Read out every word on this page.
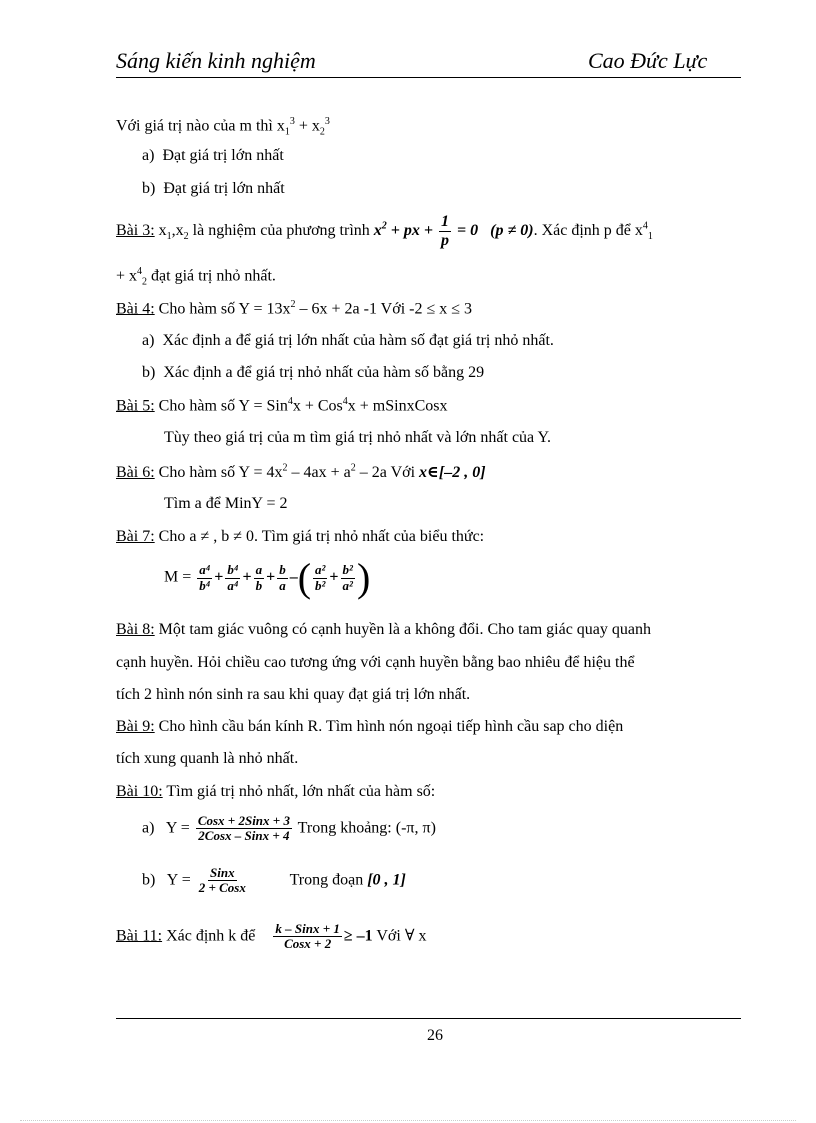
Sáng kiến kinh nghiệm	Cao Đức Lực
Với giá trị nào của m thì $x_1^3 + x_2^3$
a) Đạt giá trị lớn nhất
b) Đạt giá trị lớn nhất
Bài 3: $x_1,x_2$ là nghiệm của phương trình $x^2$ + px + $\frac{1}{p} = 0$ (p ≠ 0). Xác định p để $x^4_1$
+ $x^4_2$ đạt giá trị nhỏ nhất.
Bài 4: Cho hàm số $Y = 13x^2 - 6x + 2a$ -1 Với -2 ≤ x ≤ 3
a) Xác định a để giá trị lớn nhất của hàm số đạt giá trị nhỏ nhất.
b) Xác định a để giá trị nhỏ nhất của hàm số bằng 29
Bài 5: Cho hàm số Y = Sin$^4$x + Cos$^4$x + mSinxCosx
Tùy theo giá trị của m tìm giá trị nhỏ nhất và lớn nhất của Y.
Bài 6: Cho hàm số $Y = 4x^2 - 4ax + a^2 - 2a$ Với x∈[–2 , 0]
Tìm a để MinY = 2
Bài 7: Cho a ≠ , b ≠ 0. Tìm giá trị nhỏ nhất của biểu thức:
$M = \frac{\text{a⁴}}{\text{b⁴}} + \frac{\text{b⁴}}{\text{a⁴}} + \frac{a}{b} + \frac{b}{a}$ –( $\frac{\text{a²}}{\text{b²}} + \frac{\text{b²}}{\text{a²}}$ )
Bài 8: Một tam giác vuông có cạnh huyền là a không đổi. Cho tam giác quay quanh
cạnh huyền. Hỏi chiều cao tương ứng với cạnh huyền bằng bao nhiêu để hiệu thể
tích 2 hình nón sinh ra sau khi quay đạt giá trị lớn nhất.
Bài 9: Cho hình cầu bán kính R. Tìm hình nón ngoại tiếp hình cầu sap cho diện
tích xung quanh là nhỏ nhất.
Bài 10: Tìm giá trị nhỏ nhất, lớn nhất của hàm số:
a) $Y = \frac{\text{Cosx + 2Sinx + 3}}{\text{2Cosx – Sinx + 4}}$ Trong khoảng: (-π, π)
b) $Y = \frac{\text{Sinx}}{\text{2 + Cosx}}$	Trong đoạn [0 , 1]
Bài 11: Xác định k để $\frac{\text{k – Sinx + 1}}{\text{Cosx + 2}} \ge -1$ Với ∀ x
26
